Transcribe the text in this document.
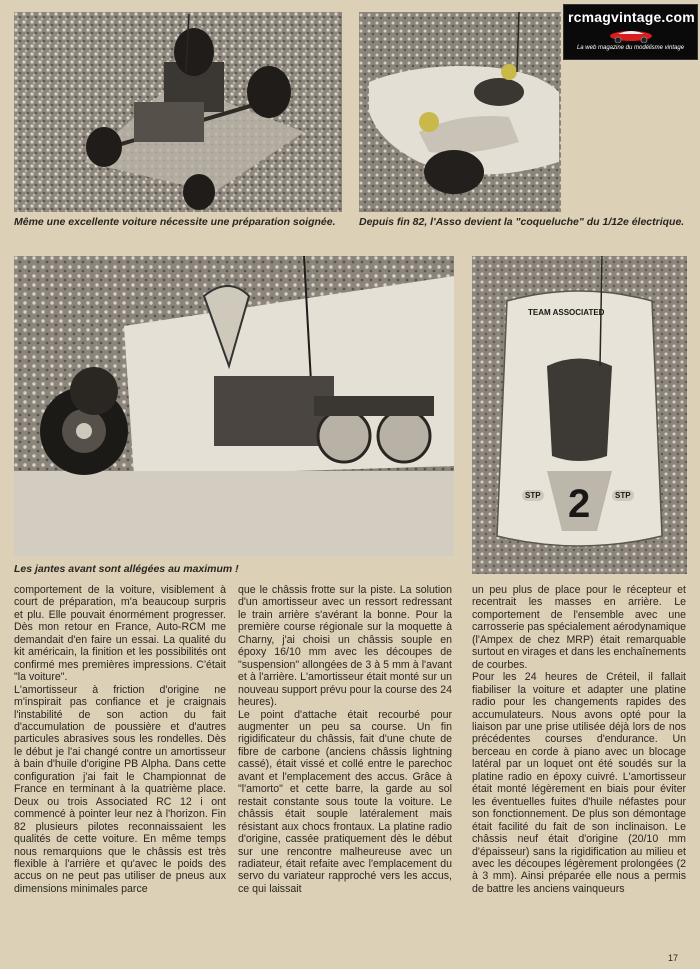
rcmagvintage.com
La web magazine du modélisme vintage
Même une excellente voiture nécessite une préparation soignée.	Depuis fin 82, l'Asso devient la "coqueluche" du 1/12e électrique.
Les jantes avant sont allégées au maximum !
TEAM ASSOCIATED
2
STP	STP

comportement de la voiture, visiblement à court de préparation, m'a beaucoup surpris et plu. Elle pouvait énormément progresser. Dès mon retour en France, Auto-RCM me demandait d'en faire un essai. La qualité du kit américain, la finition et les possibilités ont confirmé mes premières impressions. C'était "la voiture".

L'amortisseur à friction d'origine ne m'inspirait pas confiance et je craignais l'instabilité de son action du fait d'accumulation de poussière et d'autres particules abrasives sous les rondelles. Dès le début je l'ai changé contre un amortisseur à bain d'huile d'origine PB Alpha. Dans cette configuration j'ai fait le Championnat de France en terminant à la quatrième place. Deux ou trois Associated RC 12 i ont commencé à pointer leur nez à l'horizon. Fin 82 plusieurs pilotes reconnaissaient les qualités de cette voiture. En même temps nous remarquions que le châssis est très flexible à l'arrière et qu'avec le poids des accus on ne peut pas utiliser de pneus aux dimensions minimales parce

que le châssis frotte sur la piste. La solution d'un amortisseur avec un ressort redressant le train arrière s'avérant la bonne. Pour la première course régionale sur la moquette à Charny, j'ai choisi un châssis souple en époxy 16/10 mm avec les découpes de "suspension" allongées de 3 à 5 mm à l'avant et à l'arrière. L'amortisseur était monté sur un nouveau support prévu pour la course des 24 heures).

Le point d'attache était recourbé pour augmenter un peu sa course. Un fin rigidificateur du châssis, fait d'une chute de fibre de carbone (anciens châssis lightning cassé), était vissé et collé entre le parechoc avant et l'emplacement des accus. Grâce à "l'amorto" et cette barre, la garde au sol restait constante sous toute la voiture. Le châssis était souple latéralement mais résistant aux chocs frontaux. La platine radio d'origine, cassée pratiquement dès le début sur une rencontre malheureuse avec un radiateur, était refaite avec l'emplacement du servo du variateur rapproché vers les accus, ce qui laissait

un peu plus de place pour le récepteur et recentrait les masses en arrière. Le comportement de l'ensemble avec une carrosserie pas spécialement aérodynamique (l'Ampex de chez MRP) était remarquable surtout en virages et dans les enchaînements de courbes.

Pour les 24 heures de Créteil, il fallait fiabiliser la voiture et adapter une platine radio pour les changements rapides des accumulateurs. Nous avons opté pour la liaison par une prise utilisée déjà lors de nos précédentes courses d'endurance. Un berceau en corde à piano avec un blocage latéral par un loquet ont été soudés sur la platine radio en époxy cuivré. L'amortisseur était monté légèrement en biais pour éviter les éventuelles fuites d'huile néfastes pour son fonctionnement. De plus son démontage était facilité du fait de son inclinaison. Le châssis neuf était d'origine (20/10 mm d'épaisseur) sans la rigidification au milieu et avec les découpes légèrement prolongées (2 à 3 mm). Ainsi préparée elle nous a permis de battre les anciens vainqueurs

17
